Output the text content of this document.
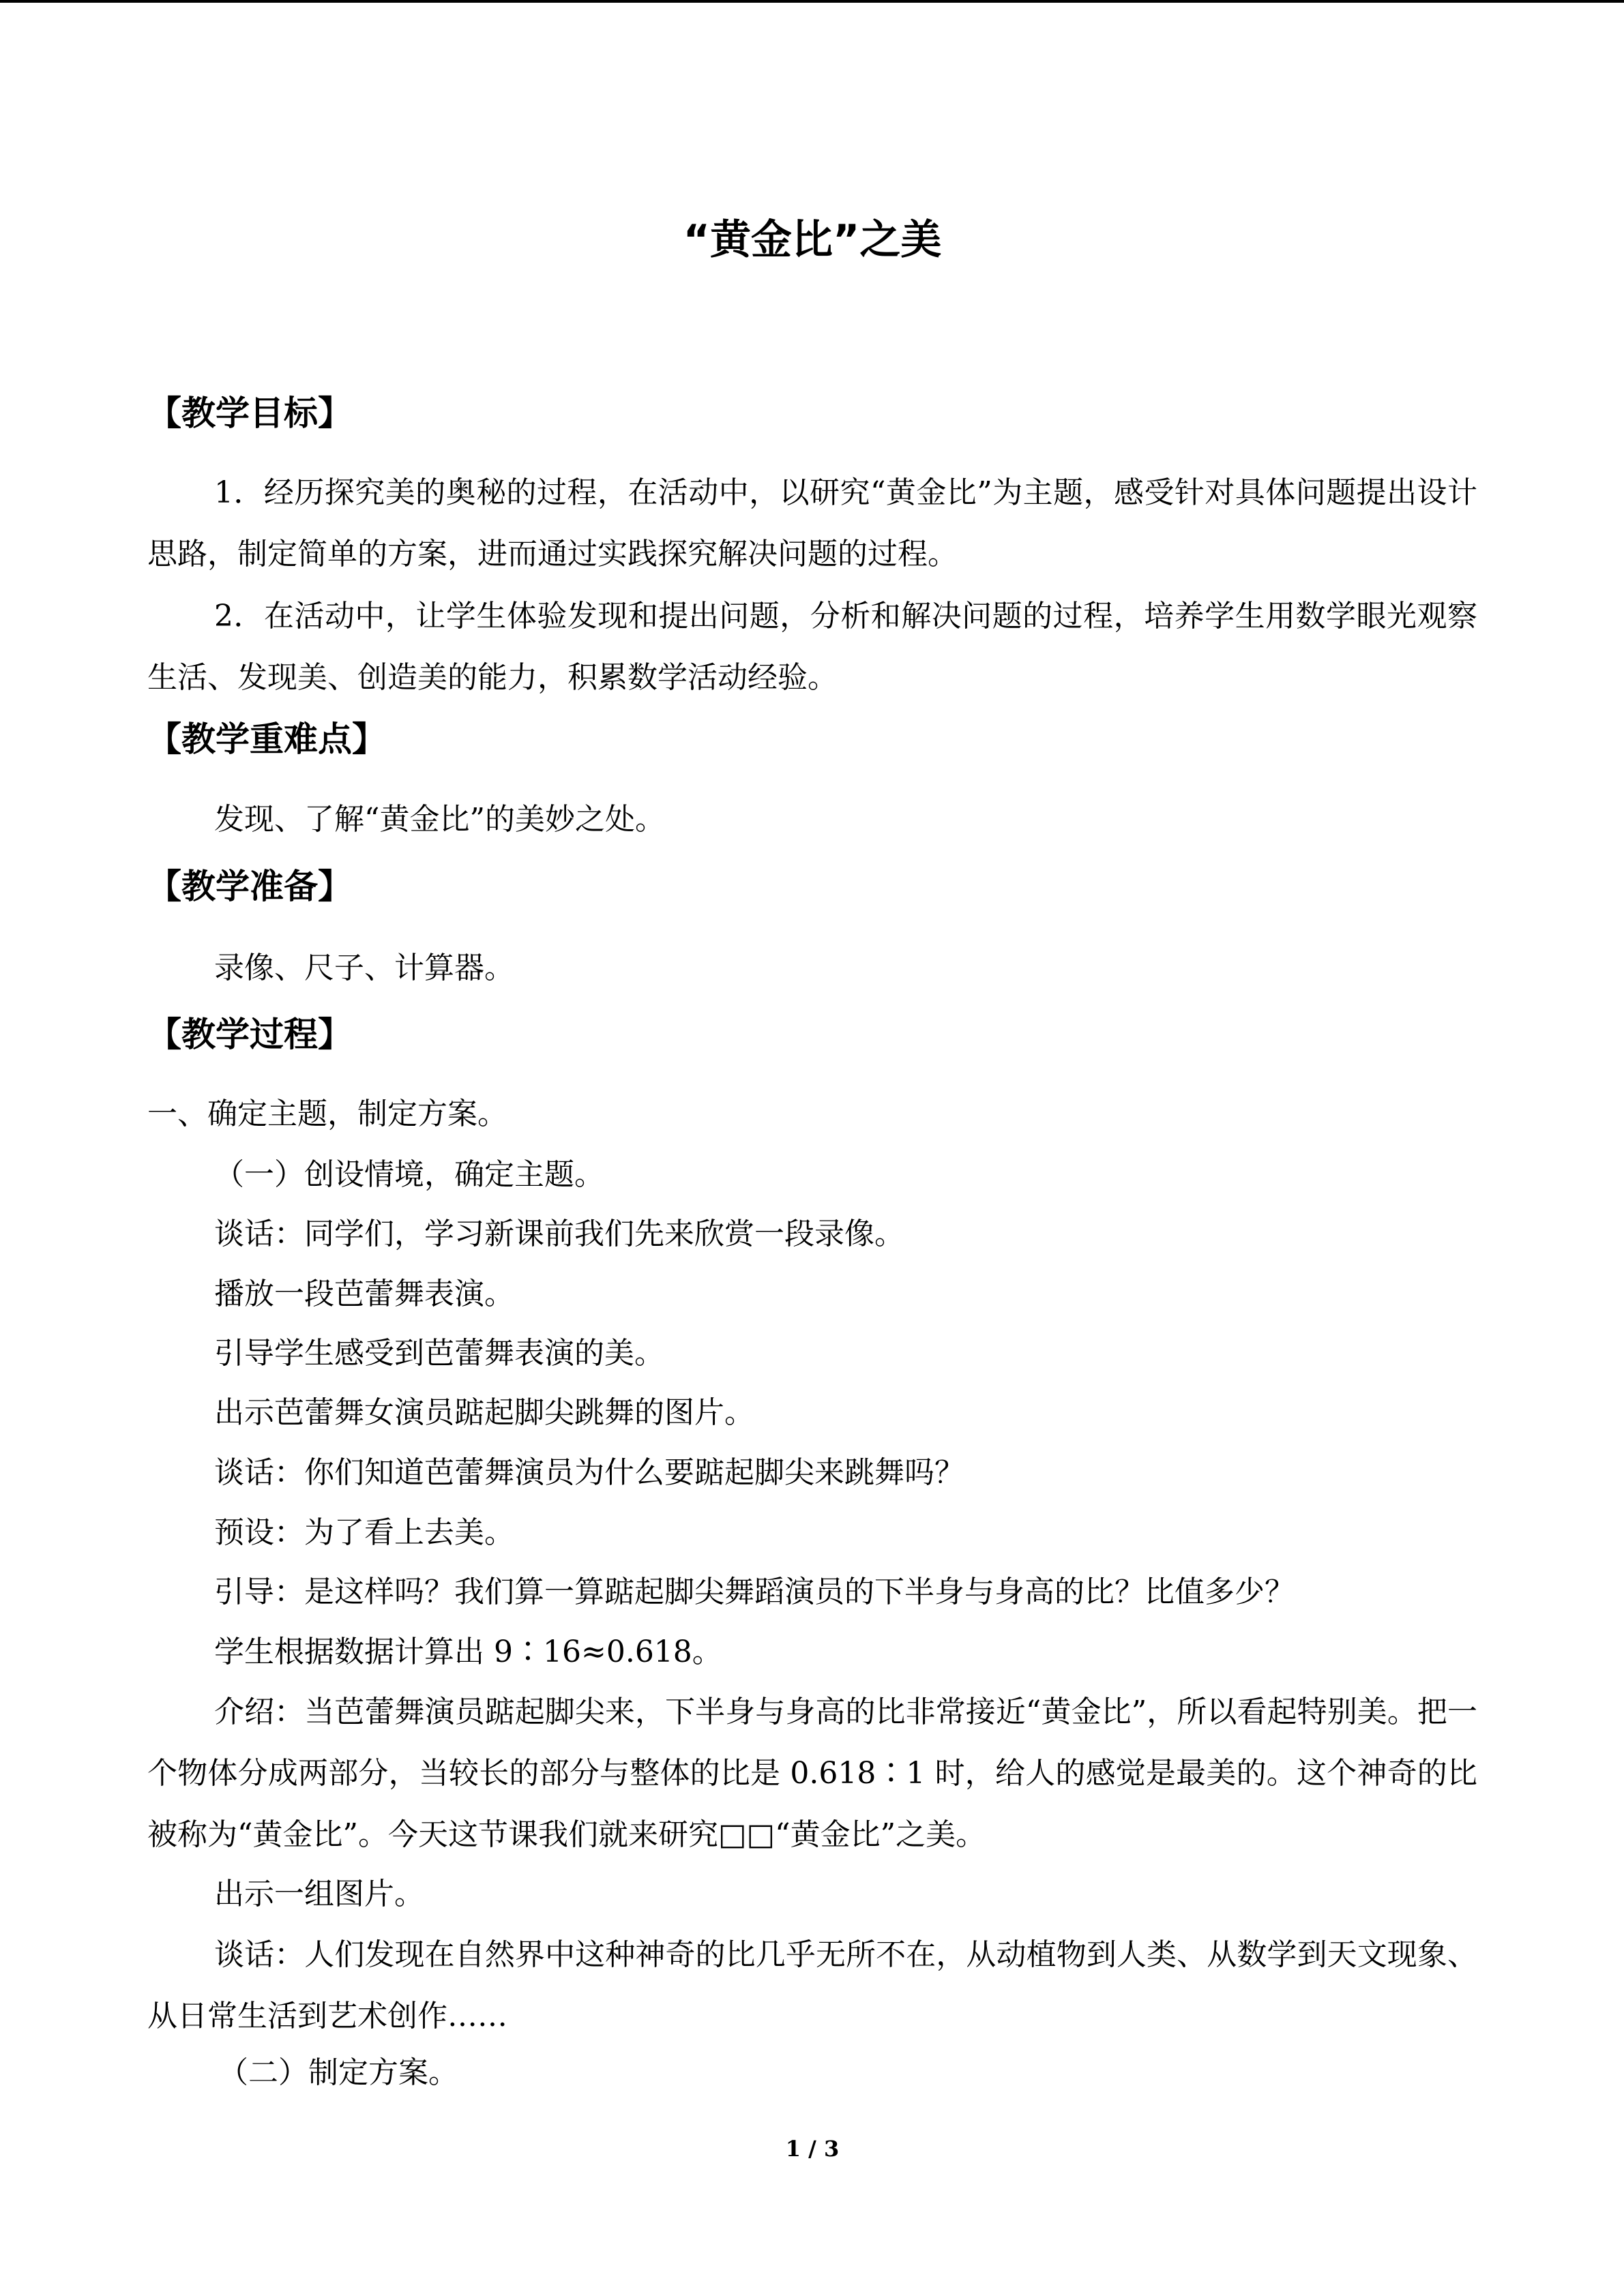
“黄金比”之美
【教学目标】

1．经历探究美的奥秘的过程，在活动中，以研究“黄金比”为主题，感受针对具体问题提出设计思路，制定简单的方案，进而通过实践探究解决问题的过程。

2．在活动中，让学生体验发现和提出问题，分析和解决问题的过程，培养学生用数学眼光观察生活、发现美、创造美的能力，积累数学活动经验。

【教学重难点】

发现、了解“黄金比”的美妙之处。

【教学准备】

录像、尺子、计算器。

【教学过程】

一、确定主题，制定方案。

（一）创设情境，确定主题。

谈话：同学们，学习新课前我们先来欣赏一段录像。

播放一段芭蕾舞表演。

引导学生感受到芭蕾舞表演的美。

出示芭蕾舞女演员踮起脚尖跳舞的图片。

谈话：你们知道芭蕾舞演员为什么要踮起脚尖来跳舞吗？

预设：为了看上去美。

引导：是这样吗？我们算一算踮起脚尖舞蹈演员的下半身与身高的比？比值多少？

学生根据数据计算出 9∶16≈0.618。

介绍：当芭蕾舞演员踮起脚尖来，下半身与身高的比非常接近“黄金比”，所以看起特别美。把一个物体分成两部分，当较长的部分与整体的比是 0.618∶1 时，给人的感觉是最美的。这个神奇的比被称为“黄金比”。今天这节课我们就来研究□□“黄金比”之美。

出示一组图片。

谈话：人们发现在自然界中这种神奇的比几乎无所不在，从动植物到人类、从数学到天文现象、从日常生活到艺术创作……

（二）制定方案。

1 / 3
